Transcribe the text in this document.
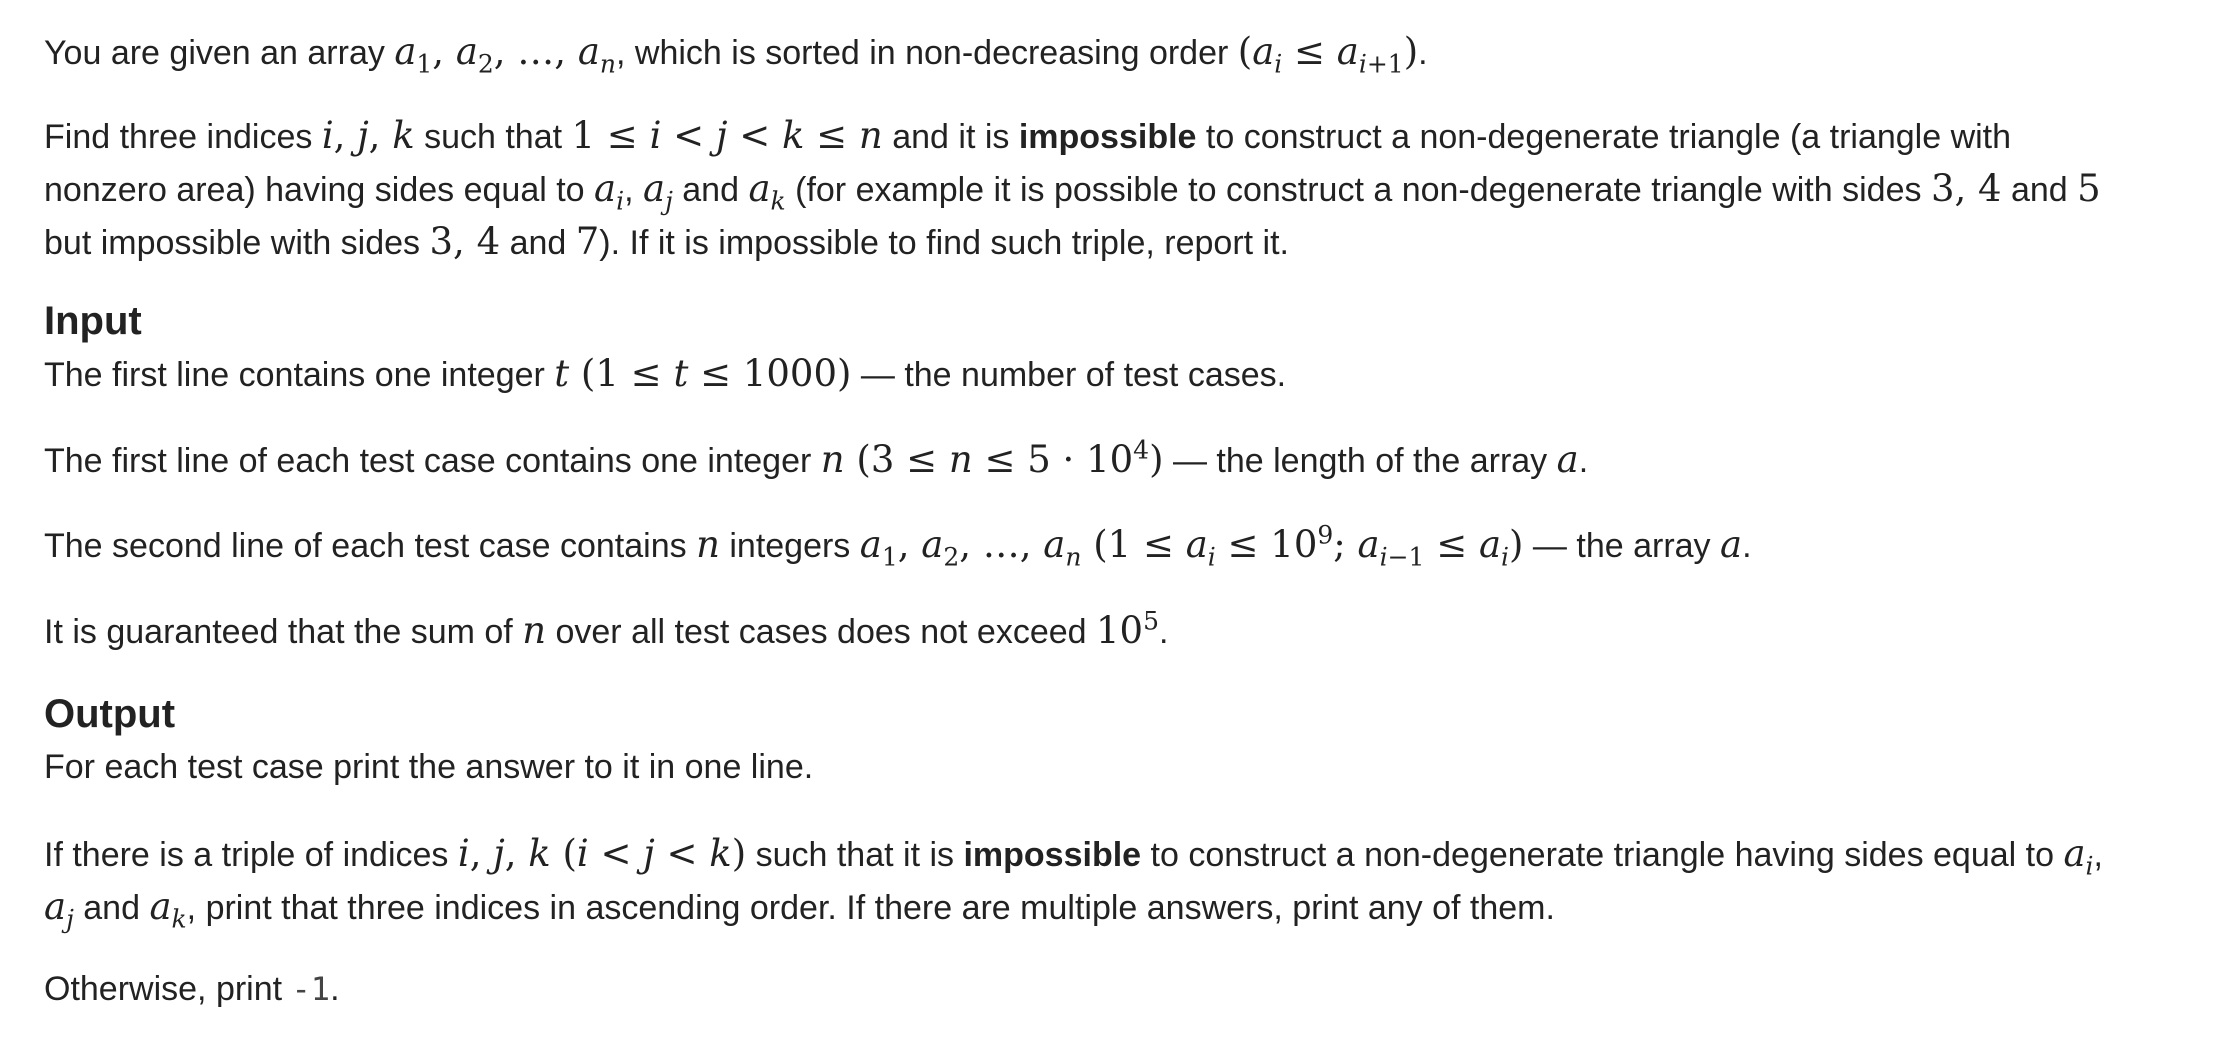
You are given an array $a_1$, $a_2$, …, $a_n$, which is sorted in non-decreasing order $(a_i \le a_{i+1})$.

Find three indices i, j, k such that 1 ≤ i < j < k ≤ n and it is impossible to construct a non-degenerate triangle (a triangle with

nonzero area) having sides equal to $a_i$, $a_j$ and $a_k$ (for example it is possible to construct a non-degenerate triangle with sides 3, 4 and 5

but impossible with sides 3, 4 and 7). If it is impossible to find such triple, report it.

Input

The first line contains one integer t (1 ≤ t ≤ 1000) — the number of test cases.

The first line of each test case contains one integer n $(3 \le n \le 5 \cdot 10^4)$ — the length of the array a.

The second line of each test case contains n integers $a_1$, $a_2$, …, $a_n$ ($1 \le a_i \le 10^9$; $a_{i-1} \le a_i$) — the array a.

It is guaranteed that the sum of n over all test cases does not exceed $10^5$.

Output

For each test case print the answer to it in one line.

If there is a triple of indices i, j, k (i < j < k) such that it is impossible to construct a non-degenerate triangle having sides equal to $a_i$,

$a_j$ and $a_k$, print that three indices in ascending order. If there are multiple answers, print any of them.

Otherwise, print -1.
